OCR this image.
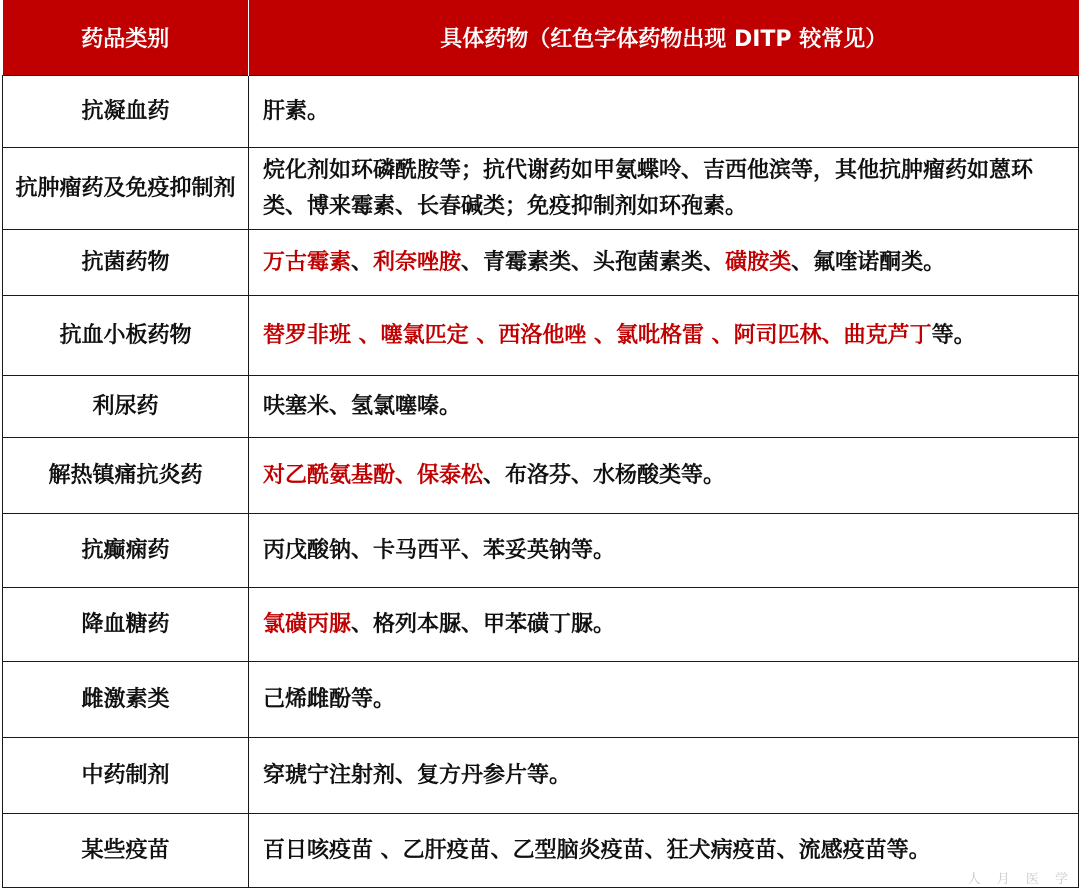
药品类别	具体药物（红色字体药物出现 DITP 较常见）
抗凝血药	肝素。
抗肿瘤药及免疫抑制剂	烷化剂如环磷酰胺等；抗代谢药如甲氨蝶呤、吉西他滨等，其他抗肿瘤药如蒽环类、博来霉素、长春碱类；免疫抑制剂如环孢素。
抗菌药物	万古霉素、利奈唑胺、青霉素类、头孢菌素类、磺胺类、氟喹诺酮类。
抗血小板药物	替罗非班 、噻氯匹定 、西洛他唑 、氯吡格雷 、阿司匹林、曲克芦丁等。
利尿药	呋塞米、氢氯噻嗪。
解热镇痛抗炎药	对乙酰氨基酚、保泰松、布洛芬、水杨酸类等。
抗癫痫药	丙戊酸钠、卡马西平、苯妥英钠等。
降血糖药	氯磺丙脲、格列本脲、甲苯磺丁脲。
雌激素类	己烯雌酚等。
中药制剂	穿琥宁注射剂、复方丹参片等。
某些疫苗	百日咳疫苗 、乙肝疫苗、乙型脑炎疫苗、狂犬病疫苗、流感疫苗等。
人 月 医 学
